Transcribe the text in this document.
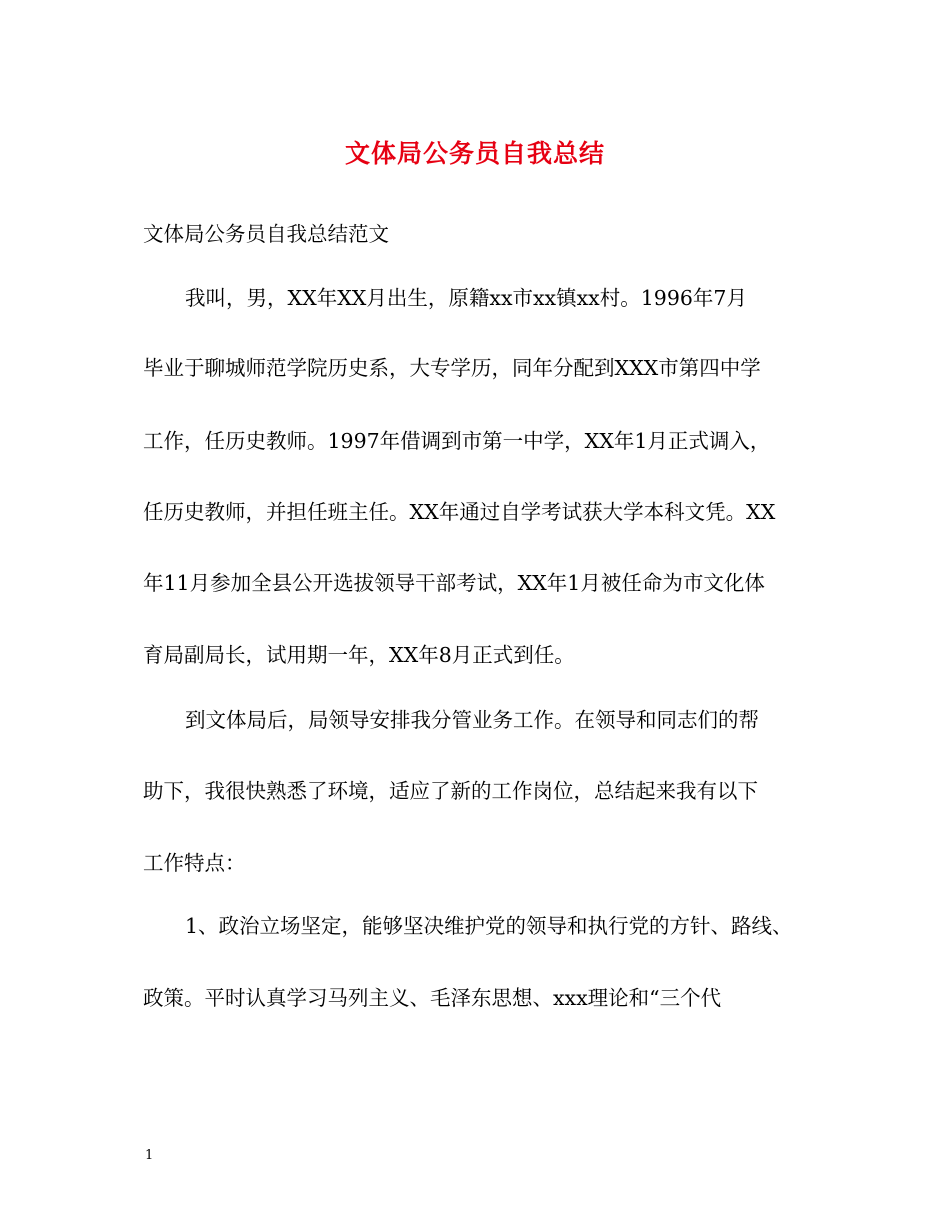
文体局公务员自我总结
文体局公务员自我总结范文
我叫，男，XX年XX月出生，原籍xx市xx镇xx村。1996年7月
毕业于聊城师范学院历史系，大专学历，同年分配到XXX市第四中学
工作，任历史教师。1997年借调到市第一中学，XX年1月正式调入，
任历史教师，并担任班主任。XX年通过自学考试获大学本科文凭。XX
年11月参加全县公开选拔领导干部考试，XX年1月被任命为市文化体
育局副局长，试用期一年，XX年8月正式到任。
到文体局后，局领导安排我分管业务工作。在领导和同志们的帮
助下，我很快熟悉了环境，适应了新的工作岗位，总结起来我有以下
工作特点：
1、政治立场坚定，能够坚决维护党的领导和执行党的方针、路线、
政策。平时认真学习马列主义、毛泽东思想、xxx理论和“三个代
1
